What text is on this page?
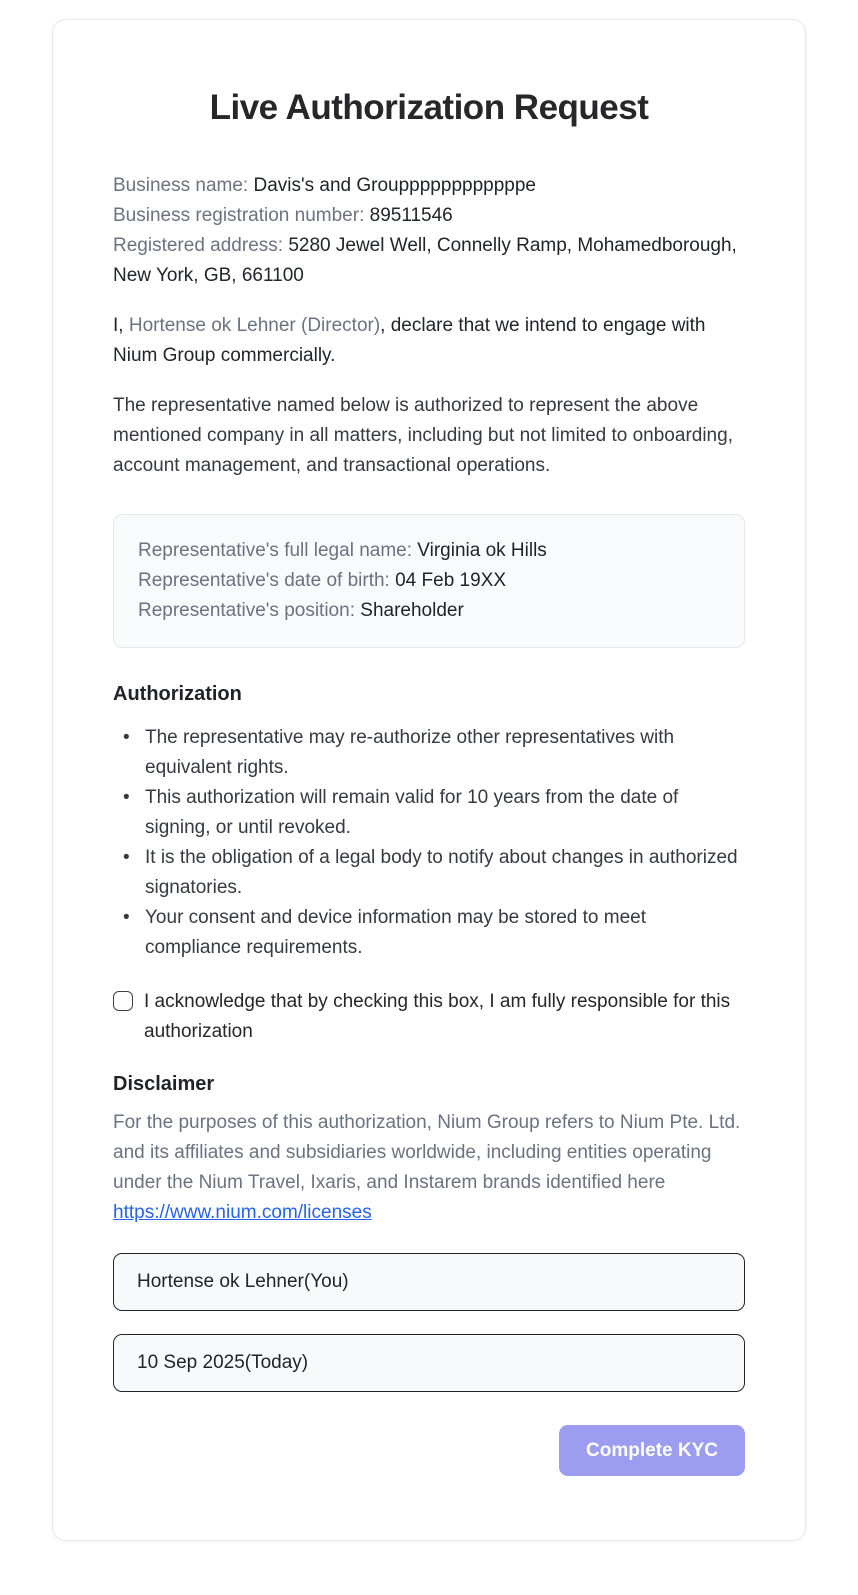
Live Authorization Request

Business name: Davis's and Grouppppppppppppe

Business registration number: 89511546

Registered address: 5280 Jewel Well, Connelly Ramp, Mohamedborough, New York, GB, 661100

I, Hortense ok Lehner (Director), declare that we intend to engage with Nium Group commercially.

The representative named below is authorized to represent the above mentioned company in all matters, including but not limited to onboarding, account management, and transactional operations.

Representative's full legal name: Virginia ok Hills

Representative's date of birth: 04 Feb 19XX

Representative's position: Shareholder

Authorization
• The representative may re-authorize other representatives with equivalent rights.
• This authorization will remain valid for 10 years from the date of signing, or until revoked.
• It is the obligation of a legal body to notify about changes in authorized signatories.
• Your consent and device information may be stored to meet compliance requirements.
I acknowledge that by checking this box, I am fully responsible for this authorization
Disclaimer

For the purposes of this authorization, Nium Group refers to Nium Pte. Ltd. and its affiliates and subsidiaries worldwide, including entities operating under the Nium Travel, Ixaris, and Instarem brands identified here https://www.nium.com/licenses

Hortense ok Lehner(You)
10 Sep 2025(Today)
Complete KYC
